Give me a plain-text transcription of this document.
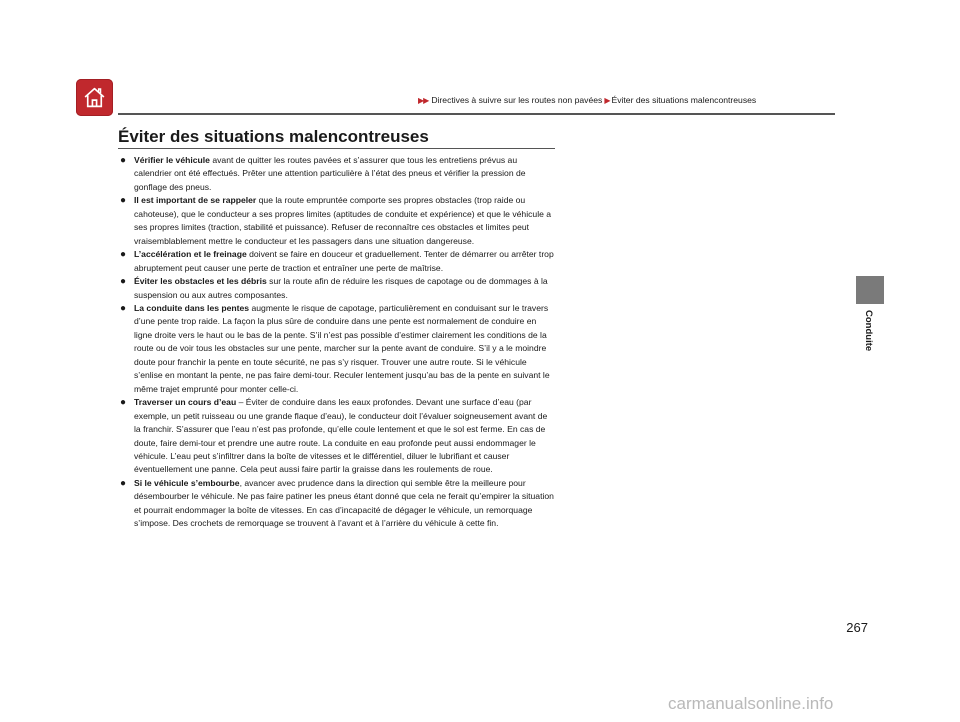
▶▶ Directives à suivre sur les routes non pavées ▶ Éviter des situations malencontreuses
Éviter des situations malencontreuses
● Vérifier le véhicule avant de quitter les routes pavées et s’assurer que tous les entretiens prévus au calendrier ont été effectués. Prêter une attention particulière à l’état des pneus et vérifier la pression de gonflage des pneus.
● Il est important de se rappeler que la route empruntée comporte ses propres obstacles (trop raide ou cahoteuse), que le conducteur a ses propres limites (aptitudes de conduite et expérience) et que le véhicule a ses propres limites (traction, stabilité et puissance). Refuser de reconnaître ces obstacles et limites peut vraisemblablement mettre le conducteur et les passagers dans une situation dangereuse.
● L’accélération et le freinage doivent se faire en douceur et graduellement. Tenter de démarrer ou arrêter trop abruptement peut causer une perte de traction et entraîner une perte de maîtrise.
● Éviter les obstacles et les débris sur la route afin de réduire les risques de capotage ou de dommages à la suspension ou aux autres composantes.
● La conduite dans les pentes augmente le risque de capotage, particulièrement en conduisant sur le travers d’une pente trop raide. La façon la plus sûre de conduire dans une pente est normalement de conduire en ligne droite vers le haut ou le bas de la pente. S’il n’est pas possible d’estimer clairement les conditions de la route ou de voir tous les obstacles sur une pente, marcher sur la pente avant de conduire. S’il y a le moindre doute pour franchir la pente en toute sécurité, ne pas s’y risquer. Trouver une autre route. Si le véhicule s’enlise en montant la pente, ne pas faire demi-tour. Reculer lentement jusqu’au bas de la pente en suivant le même trajet emprunté pour monter celle-ci.
● Traverser un cours d’eau – Éviter de conduire dans les eaux profondes. Devant une surface d’eau (par exemple, un petit ruisseau ou une grande flaque d’eau), le conducteur doit l’évaluer soigneusement avant de la franchir. S’assurer que l’eau n’est pas profonde, qu’elle coule lentement et que le sol est ferme. En cas de doute, faire demi-tour et prendre une autre route. La conduite en eau profonde peut aussi endommager le véhicule. L’eau peut s’infiltrer dans la boîte de vitesses et le différentiel, diluer le lubrifiant et causer éventuellement une panne. Cela peut aussi faire partir la graisse dans les roulements de roue.
● Si le véhicule s’embourbe, avancer avec prudence dans la direction qui semble être la meilleure pour désembourber le véhicule. Ne pas faire patiner les pneus étant donné que cela ne ferait qu’empirer la situation et pourrait endommager la boîte de vitesses. En cas d’incapacité de dégager le véhicule, un remorquage s’impose. Des crochets de remorquage se trouvent à l’avant et à l’arrière du véhicule à cette fin.
Conduite
267
carmanualsonline.info
